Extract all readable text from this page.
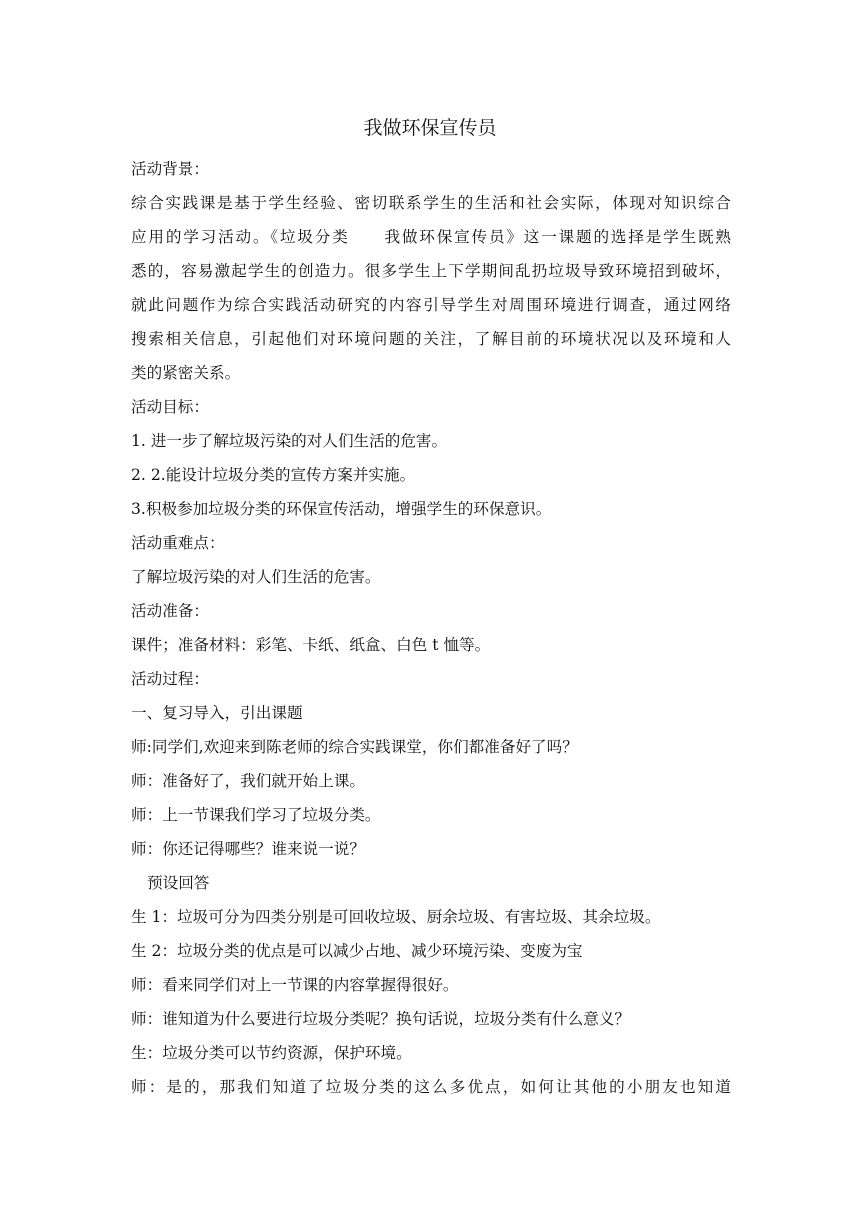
我做环保宣传员
活动背景：
综合实践课是基于学生经验、密切联系学生的生活和社会实际，体现对知识综合
应用的学习活动。《垃圾分类　　我做环保宣传员》这一课题的选择是学生既熟
悉的，容易激起学生的创造力。很多学生上下学期间乱扔垃圾导致环境招到破坏，
就此问题作为综合实践活动研究的内容引导学生对周围环境进行调查，通过网络
搜索相关信息，引起他们对环境问题的关注，了解目前的环境状况以及环境和人
类的紧密关系。
活动目标：
1. 进一步了解垃圾污染的对人们生活的危害。
2. 2.能设计垃圾分类的宣传方案并实施。
3.积极参加垃圾分类的环保宣传活动，增强学生的环保意识。
活动重难点：
了解垃圾污染的对人们生活的危害。
活动准备：
课件；准备材料：彩笔、卡纸、纸盒、白色 t 恤等。
活动过程：
一、复习导入，引出课题
师:同学们,欢迎来到陈老师的综合实践课堂，你们都准备好了吗？
师：准备好了，我们就开始上课。
师：上一节课我们学习了垃圾分类。
师：你还记得哪些？谁来说一说？
预设回答
生 1：垃圾可分为四类分别是可回收垃圾、厨余垃圾、有害垃圾、其余垃圾。
生 2：垃圾分类的优点是可以减少占地、减少环境污染、变废为宝
师：看来同学们对上一节课的内容掌握得很好。
师：谁知道为什么要进行垃圾分类呢？换句话说，垃圾分类有什么意义？
生：垃圾分类可以节约资源，保护环境。
师：是的，那我们知道了垃圾分类的这么多优点，如何让其他的小朋友也知道
